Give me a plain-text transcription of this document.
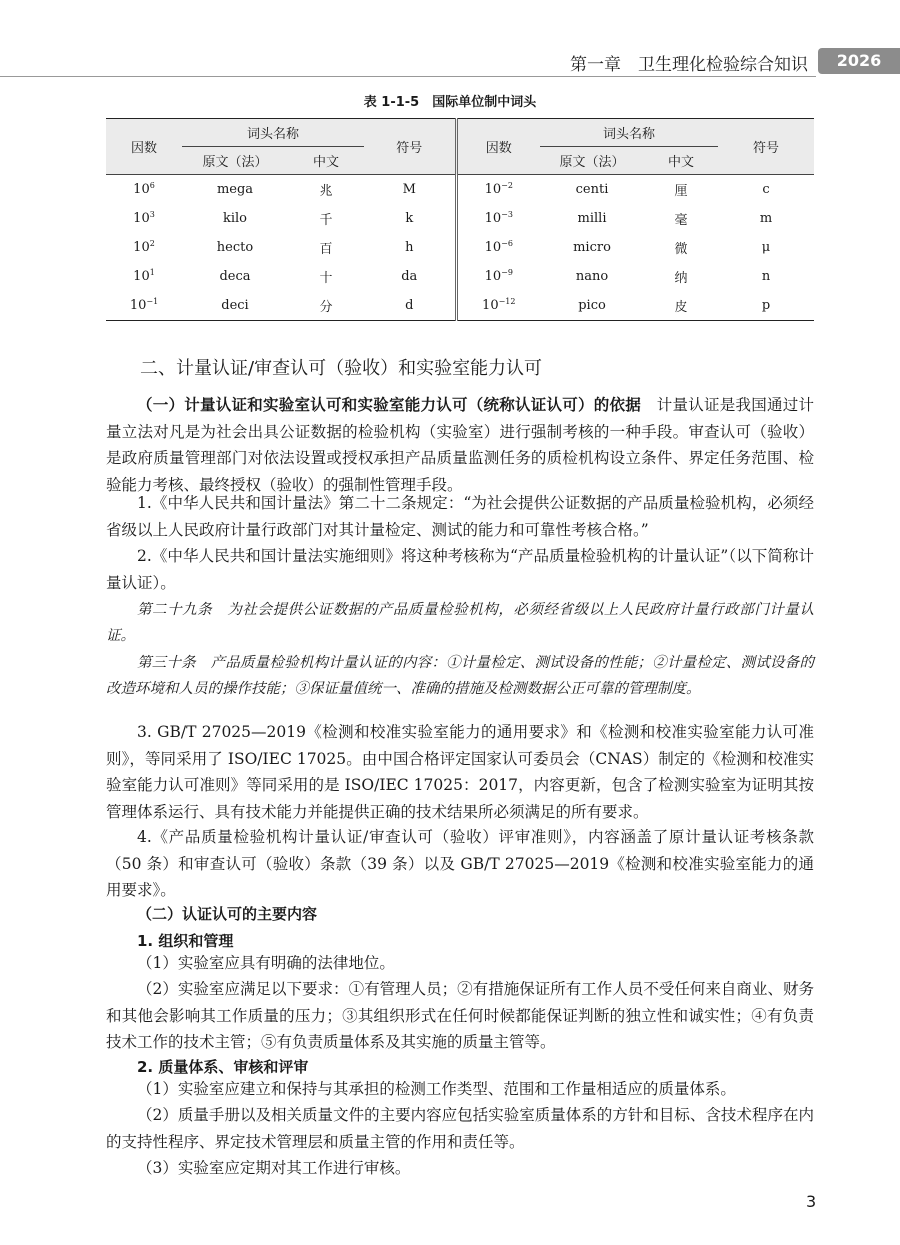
第一章　卫生理化检验综合知识	2026
表 1-1-5　国际单位制中词头
因数	词头名称		符号	因数	词头名称		符号
	原文（法）	中文			原文（法）	中文	
$10^6$	mega	兆	M	$10^{-2}$	centi	厘	c
$10^3$	kilo	千	k	$10^{-3}$	milli	毫	m
$10^2$	hecto	百	h	$10^{-6}$	micro	微	μ
$10^1$	deca	十	da	$10^{-9}$	nano	纳	n
$10^{-1}$	deci	分	d	$10^{-12}$	pico	皮	p
二、计量认证/审查认可（验收）和实验室能力认可

（一）计量认证和实验室认可和实验室能力认可（统称认证认可）的依据　计量认证是我国通过计量立法对凡是为社会出具公证数据的检验机构（实验室）进行强制考核的一种手段。审查认可（验收）是政府质量管理部门对依法设置或授权承担产品质量监测任务的质检机构设立条件、界定任务范围、检验能力考核、最终授权（验收）的强制性管理手段。

1.《中华人民共和国计量法》第二十二条规定：“为社会提供公证数据的产品质量检验机构，必须经省级以上人民政府计量行政部门对其计量检定、测试的能力和可靠性考核合格。”

2.《中华人民共和国计量法实施细则》将这种考核称为“产品质量检验机构的计量认证”（以下简称计量认证）。

第二十九条　为社会提供公证数据的产品质量检验机构，必须经省级以上人民政府计量行政部门计量认证。

第三十条　产品质量检验机构计量认证的内容：①计量检定、测试设备的性能；②计量检定、测试设备的改造环境和人员的操作技能；③保证量值统一、准确的措施及检测数据公正可靠的管理制度。

3. GB/T 27025—2019《检测和校准实验室能力的通用要求》和《检测和校准实验室能力认可准则》，等同采用了 ISO/IEC 17025。由中国合格评定国家认可委员会（CNAS）制定的《检测和校准实验室能力认可准则》等同采用的是 ISO/IEC 17025：2017，内容更新，包含了检测实验室为证明其按管理体系运行、具有技术能力并能提供正确的技术结果所必须满足的所有要求。

4.《产品质量检验机构计量认证/审查认可（验收）评审准则》，内容涵盖了原计量认证考核条款（50 条）和审查认可（验收）条款（39 条）以及 GB/T 27025—2019《检测和校准实验室能力的通用要求》。

（二）认证认可的主要内容
1. 组织和管理

（1）实验室应具有明确的法律地位。

（2）实验室应满足以下要求：①有管理人员；②有措施保证所有工作人员不受任何来自商业、财务和其他会影响其工作质量的压力；③其组织形式在任何时候都能保证判断的独立性和诚实性；④有负责技术工作的技术主管；⑤有负责质量体系及其实施的质量主管等。

2. 质量体系、审核和评审

（1）实验室应建立和保持与其承担的检测工作类型、范围和工作量相适应的质量体系。

（2）质量手册以及相关质量文件的主要内容应包括实验室质量体系的方针和目标、含技术程序在内的支持性程序、界定技术管理层和质量主管的作用和责任等。

（3）实验室应定期对其工作进行审核。

3
